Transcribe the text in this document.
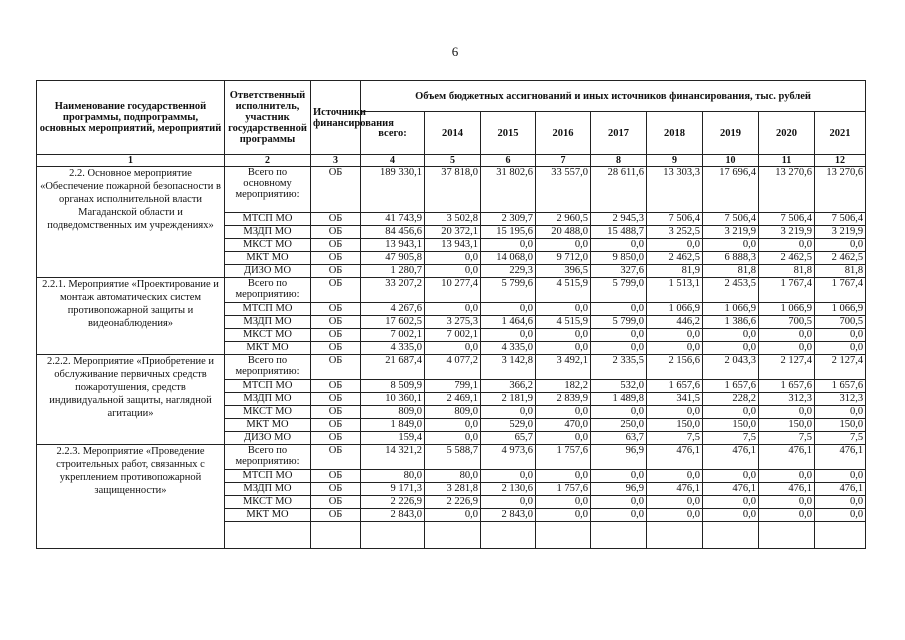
6
Наименование государственной программы, подпрограммы, основных мероприятий, мероприятий	Ответственный исполнитель, участник государственной программы	Источники финансирования	Объем бюджетных ассигнований и иных источников финансирования, тыс. рублей								
			всего:	2014	2015	2016	2017	2018	2019	2020	2021
1	2	3	4	5	6	7	8	9	10	11	12
2.2. Основное мероприятие «Обеспечение пожарной безопасности в органах исполнительной власти Магаданской области и подведомственных им учреждениях»	Всего по основному мероприятию:	ОБ	189 330,1	37 818,0	31 802,6	33 557,0	28 611,6	13 303,3	17 696,4	13 270,6	13 270,6
	МТСП МО	ОБ	41 743,9	3 502,8	2 309,7	2 960,5	2 945,3	7 506,4	7 506,4	7 506,4	7 506,4
	МЗДП МО	ОБ	84 456,6	20 372,1	15 195,6	20 488,0	15 488,7	3 252,5	3 219,9	3 219,9	3 219,9
	МКСТ МО	ОБ	13 943,1	13 943,1	0,0	0,0	0,0	0,0	0,0	0,0	0,0
	МКТ МО	ОБ	47 905,8	0,0	14 068,0	9 712,0	9 850,0	2 462,5	6 888,3	2 462,5	2 462,5
	ДИЗО МО	ОБ	1 280,7	0,0	229,3	396,5	327,6	81,9	81,8	81,8	81,8
2.2.1. Мероприятие «Проектирование и монтаж автоматических систем противопожарной защиты и видеонаблюдения»	Всего по мероприятию:	ОБ	33 207,2	10 277,4	5 799,6	4 515,9	5 799,0	1 513,1	2 453,5	1 767,4	1 767,4
	МТСП МО	ОБ	4 267,6	0,0	0,0	0,0	0,0	1 066,9	1 066,9	1 066,9	1 066,9
	МЗДП МО	ОБ	17 602,5	3 275,3	1 464,6	4 515,9	5 799,0	446,2	1 386,6	700,5	700,5
	МКСТ МО	ОБ	7 002,1	7 002,1	0,0	0,0	0,0	0,0	0,0	0,0	0,0
	МКТ МО	ОБ	4 335,0	0,0	4 335,0	0,0	0,0	0,0	0,0	0,0	0,0
2.2.2. Мероприятие «Приобретение и обслуживание первичных средств пожаротушения, средств индивидуальной защиты, наглядной агитации»	Всего по мероприятию:	ОБ	21 687,4	4 077,2	3 142,8	3 492,1	2 335,5	2 156,6	2 043,3	2 127,4	2 127,4
	МТСП МО	ОБ	8 509,9	799,1	366,2	182,2	532,0	1 657,6	1 657,6	1 657,6	1 657,6
	МЗДП МО	ОБ	10 360,1	2 469,1	2 181,9	2 839,9	1 489,8	341,5	228,2	312,3	312,3
	МКСТ МО	ОБ	809,0	809,0	0,0	0,0	0,0	0,0	0,0	0,0	0,0
	МКТ МО	ОБ	1 849,0	0,0	529,0	470,0	250,0	150,0	150,0	150,0	150,0
	ДИЗО МО	ОБ	159,4	0,0	65,7	0,0	63,7	7,5	7,5	7,5	7,5
2.2.3. Мероприятие «Проведение строительных работ, связанных с укреплением противопожарной защищенности»	Всего по мероприятию:	ОБ	14 321,2	5 588,7	4 973,6	1 757,6	96,9	476,1	476,1	476,1	476,1
	МТСП МО	ОБ	80,0	80,0	0,0	0,0	0,0	0,0	0,0	0,0	0,0
	МЗДП МО	ОБ	9 171,3	3 281,8	2 130,6	1 757,6	96,9	476,1	476,1	476,1	476,1
	МКСТ МО	ОБ	2 226,9	2 226,9	0,0	0,0	0,0	0,0	0,0	0,0	0,0
	МКТ МО	ОБ	2 843,0	0,0	2 843,0	0,0	0,0	0,0	0,0	0,0	0,0
